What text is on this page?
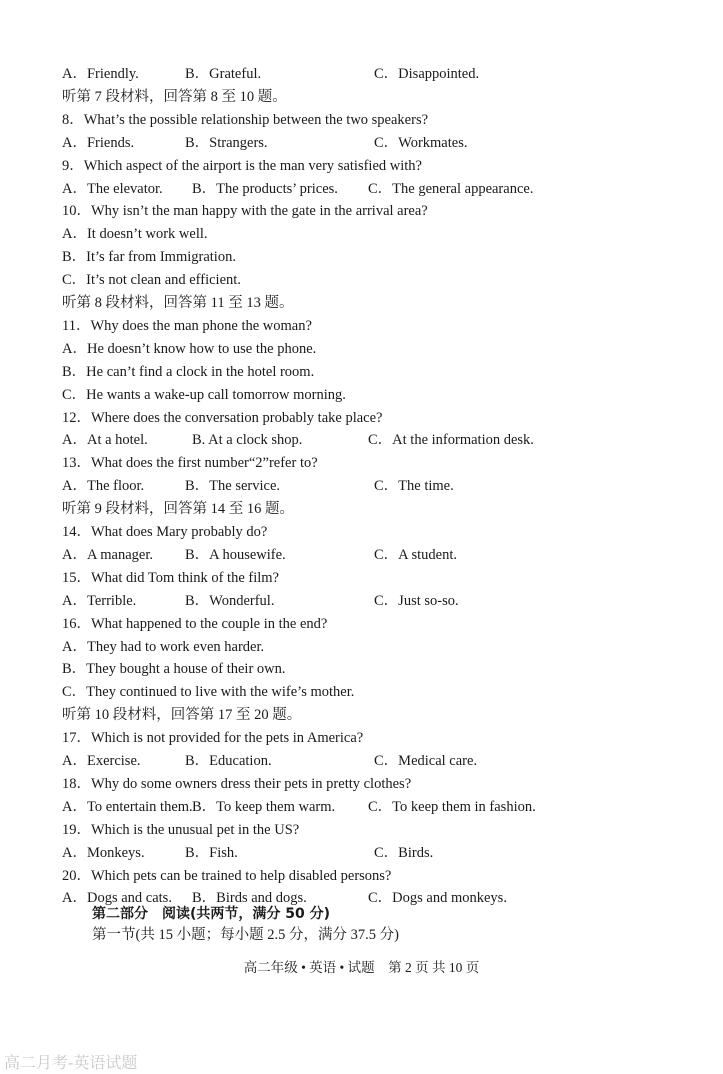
A．Friendly.	B．Grateful.	C．Disappointed.
听第 7 段材料，回答第 8 至 10 题。
8．What’s the possible relationship between the two speakers?
A．Friends.	B．Strangers.	C．Workmates.
9．Which aspect of the airport is the man very satisfied with?
A．The elevator. B．The products’ prices. C．The general appearance.
10．Why isn’t the man happy with the gate in the arrival area?
A．It doesn’t work well.
B．It’s far from Immigration.
C．It’s not clean and efficient.
听第 8 段材料，回答第 11 至 13 题。
11．Why does the man phone the woman?
A．He doesn’t know how to use the phone.
B．He can’t find a clock in the hotel room.
C．He wants a wake-up call tomorrow morning.
12．Where does the conversation probably take place?
A．At a hotel.	B. At a clock shop.	C．At the information desk.
13．What does the first number“2”refer to?
A．The floor.	B．The service.	C．The time.
听第 9 段材料，回答第 14 至 16 题。
14．What does Mary probably do?
A．A manager. B．A housewife.	C．A student.
15．What did Tom think of the film?
A．Terrible.	B．Wonderful.	C．Just so-so.
16．What happened to the couple in the end?
A．They had to work even harder.
B．They bought a house of their own.
C．They continued to live with the wife’s mother.
听第 10 段材料，回答第 17 至 20 题。
17．Which is not provided for the pets in America?
A．Exercise.	B．Education.	C．Medical care.
18．Why do some owners dress their pets in pretty clothes?
A．To entertain them. B．To keep them warm. C．To keep them in fashion.
19．Which is the unusual pet in the US?
A．Monkeys.	B．Fish.	C．Birds.
20．Which pets can be trained to help disabled persons?
A．Dogs and cats. B．Birds and dogs.	C．Dogs and monkeys.
第二部分　阅读(共两节，满分 50 分)
第一节(共 15 小题；每小题 2.5 分，满分 37.5 分)
高二年级 • 英语 • 试题　第 2 页 共 10 页
高二月考-英语试题
